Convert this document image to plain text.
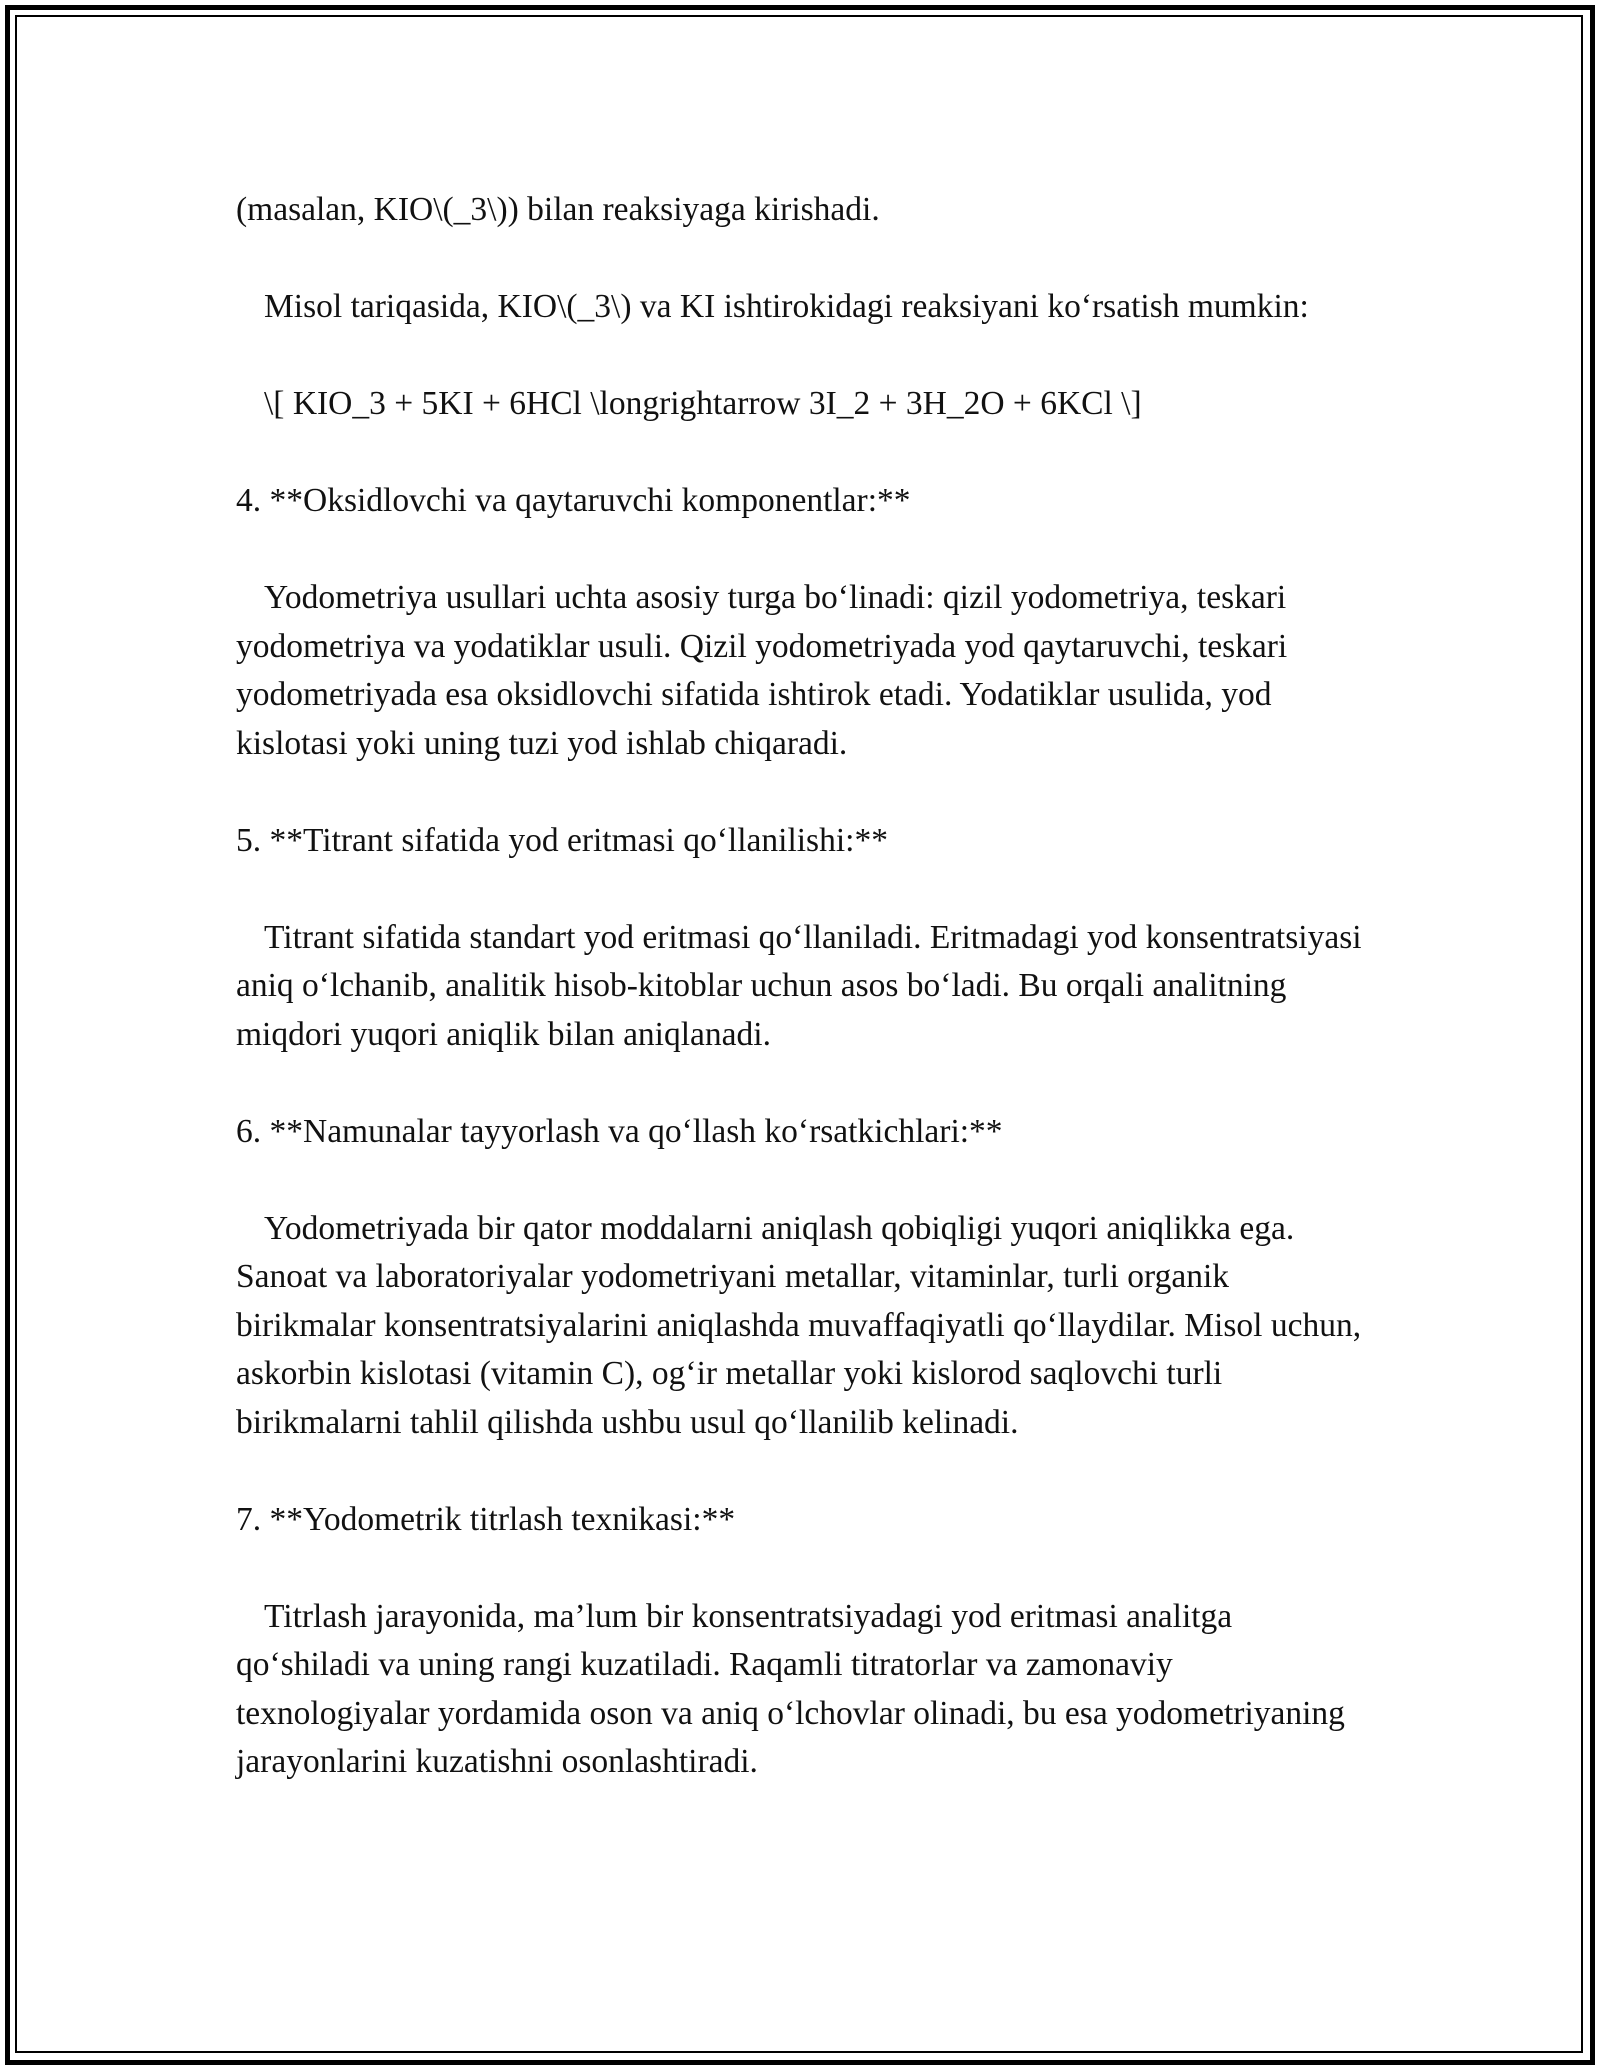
(masalan, KIO\(_3\)) bilan reaksiyaga kirishadi.

Misol tariqasida, KIO\(_3\) va KI ishtirokidagi reaksiyani ko‘rsatish mumkin:

\[ KIO_3 + 5KI + 6HCl \longrightarrow 3I_2 + 3H_2O + 6KCl \]

4. **Oksidlovchi va qaytaruvchi komponentlar:**

Yodometriya usullari uchta asosiy turga bo‘linadi: qizil yodometriya, teskari yodometriya va yodatiklar usuli. Qizil yodometriyada yod qaytaruvchi, teskari yodometriyada esa oksidlovchi sifatida ishtirok etadi. Yodatiklar usulida, yod kislotasi yoki uning tuzi yod ishlab chiqaradi.

5. **Titrant sifatida yod eritmasi qo‘llanilishi:**

Titrant sifatida standart yod eritmasi qo‘llaniladi. Eritmadagi yod konsentratsiyasi aniq o‘lchanib, analitik hisob-kitoblar uchun asos bo‘ladi. Bu orqali analitning miqdori yuqori aniqlik bilan aniqlanadi.

6. **Namunalar tayyorlash va qo‘llash ko‘rsatkichlari:**

Yodometriyada bir qator moddalarni aniqlash qobiqligi yuqori aniqlikka ega. Sanoat va laboratoriyalar yodometriyani metallar, vitaminlar, turli organik birikmalar konsentratsiyalarini aniqlashda muvaffaqiyatli qo‘llaydilar. Misol uchun, askorbin kislotasi (vitamin C), og‘ir metallar yoki kislorod saqlovchi turli birikmalarni tahlil qilishda ushbu usul qo‘llanilib kelinadi.

7. **Yodometrik titrlash texnikasi:**

Titrlash jarayonida, ma’lum bir konsentratsiyadagi yod eritmasi analitga qo‘shiladi va uning rangi kuzatiladi. Raqamli titratorlar va zamonaviy texnologiyalar yordamida oson va aniq o‘lchovlar olinadi, bu esa yodometriyaning jarayonlarini kuzatishni osonlashtiradi.
